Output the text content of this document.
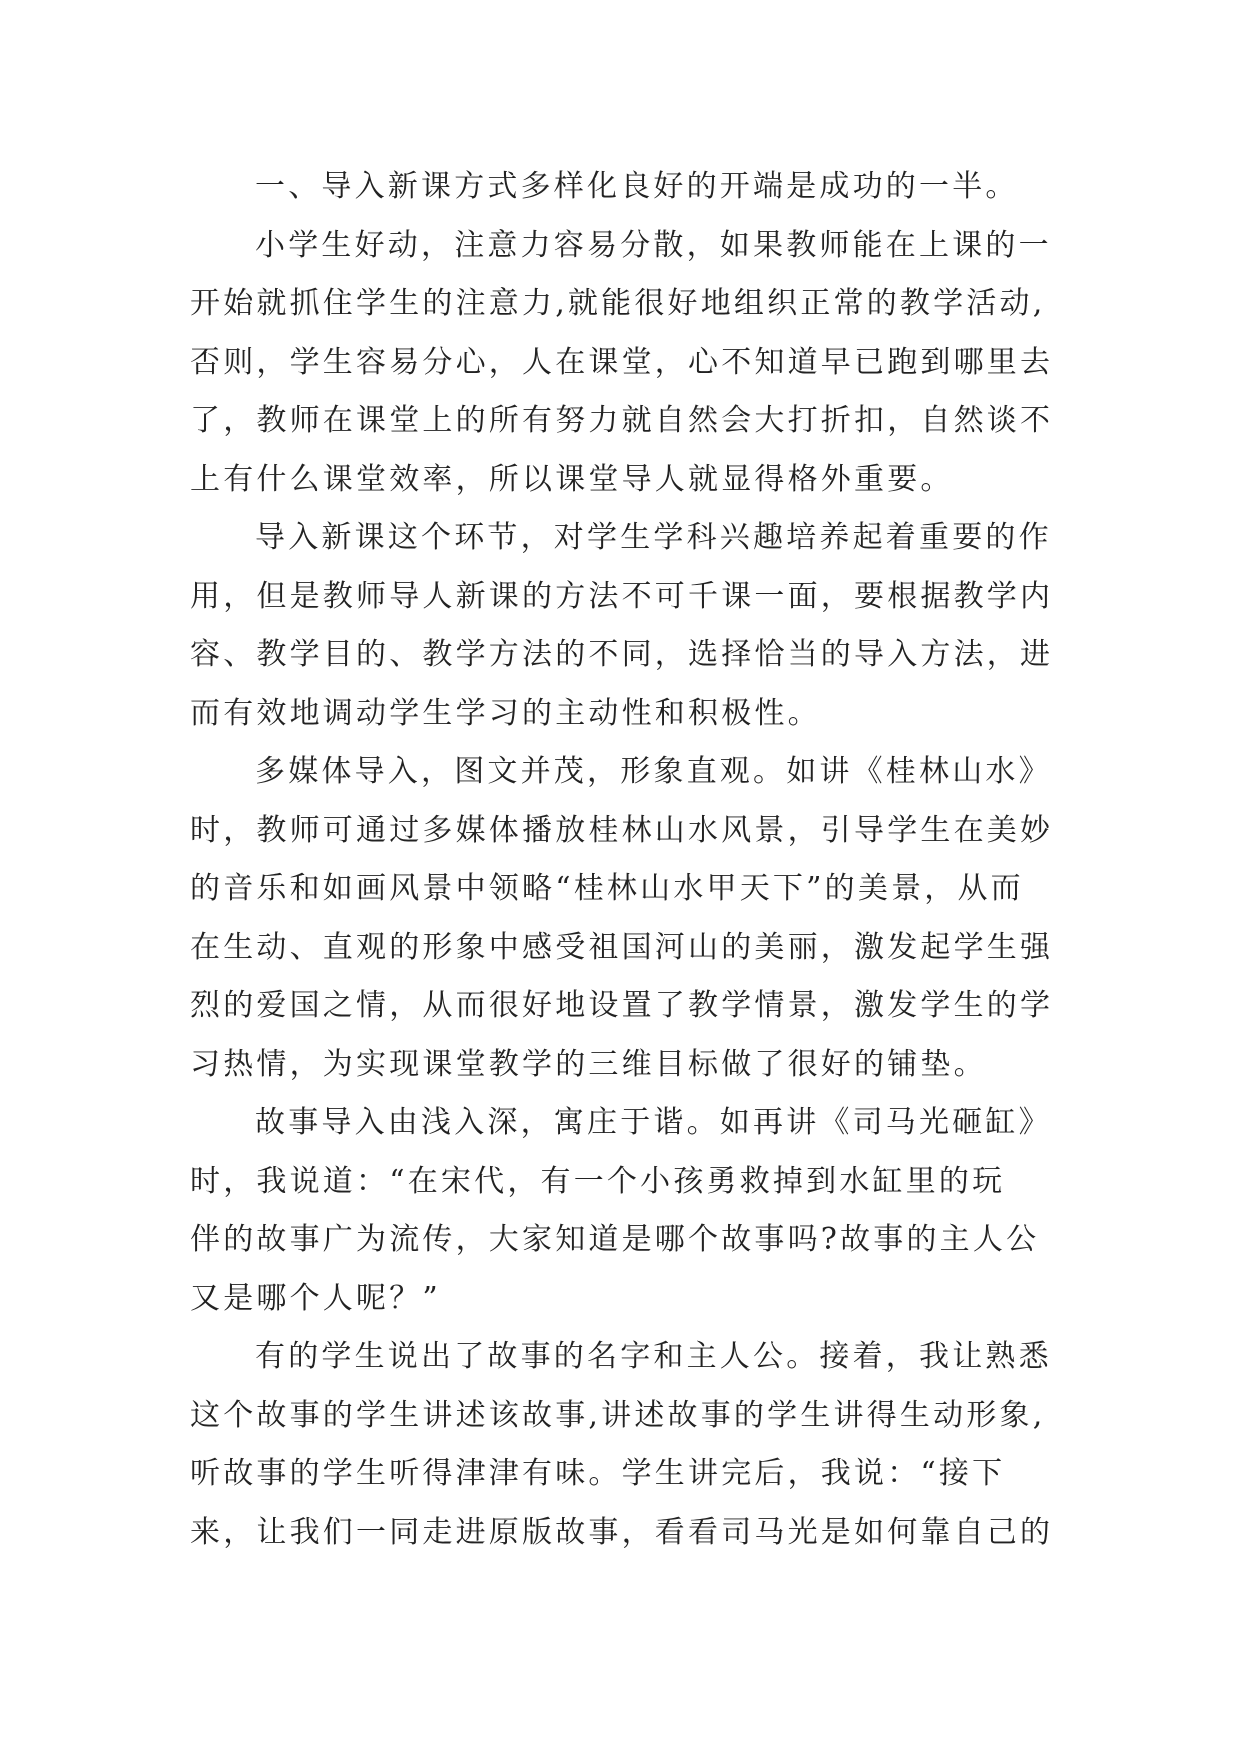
一、导入新课方式多样化良好的开端是成功的一半。
小学生好动，注意力容易分散，如果教师能在上课的一
开始就抓住学生的注意力,就能很好地组织正常的教学活动,
否则，学生容易分心，人在课堂，心不知道早已跑到哪里去
了，教师在课堂上的所有努力就自然会大打折扣，自然谈不
上有什么课堂效率，所以课堂导人就显得格外重要。
导入新课这个环节，对学生学科兴趣培养起着重要的作
用，但是教师导人新课的方法不可千课一面，要根据教学内
容、教学目的、教学方法的不同，选择恰当的导入方法，进
而有效地调动学生学习的主动性和积极性。
多媒体导入，图文并茂，形象直观。如讲《桂林山水》
时，教师可通过多媒体播放桂林山水风景，引导学生在美妙
的音乐和如画风景中领略“桂林山水甲天下”的美景，从而
在生动、直观的形象中感受祖国河山的美丽，激发起学生强
烈的爱国之情，从而很好地设置了教学情景，激发学生的学
习热情，为实现课堂教学的三维目标做了很好的铺垫。
故事导入由浅入深，寓庄于谐。如再讲《司马光砸缸》
时，我说道：“在宋代，有一个小孩勇救掉到水缸里的玩
伴的故事广为流传，大家知道是哪个故事吗?故事的主人公
又是哪个人呢？”
有的学生说出了故事的名字和主人公。接着，我让熟悉
这个故事的学生讲述该故事,讲述故事的学生讲得生动形象,
听故事的学生听得津津有味。学生讲完后，我说：“接下
来，让我们一同走进原版故事，看看司马光是如何靠自己的
